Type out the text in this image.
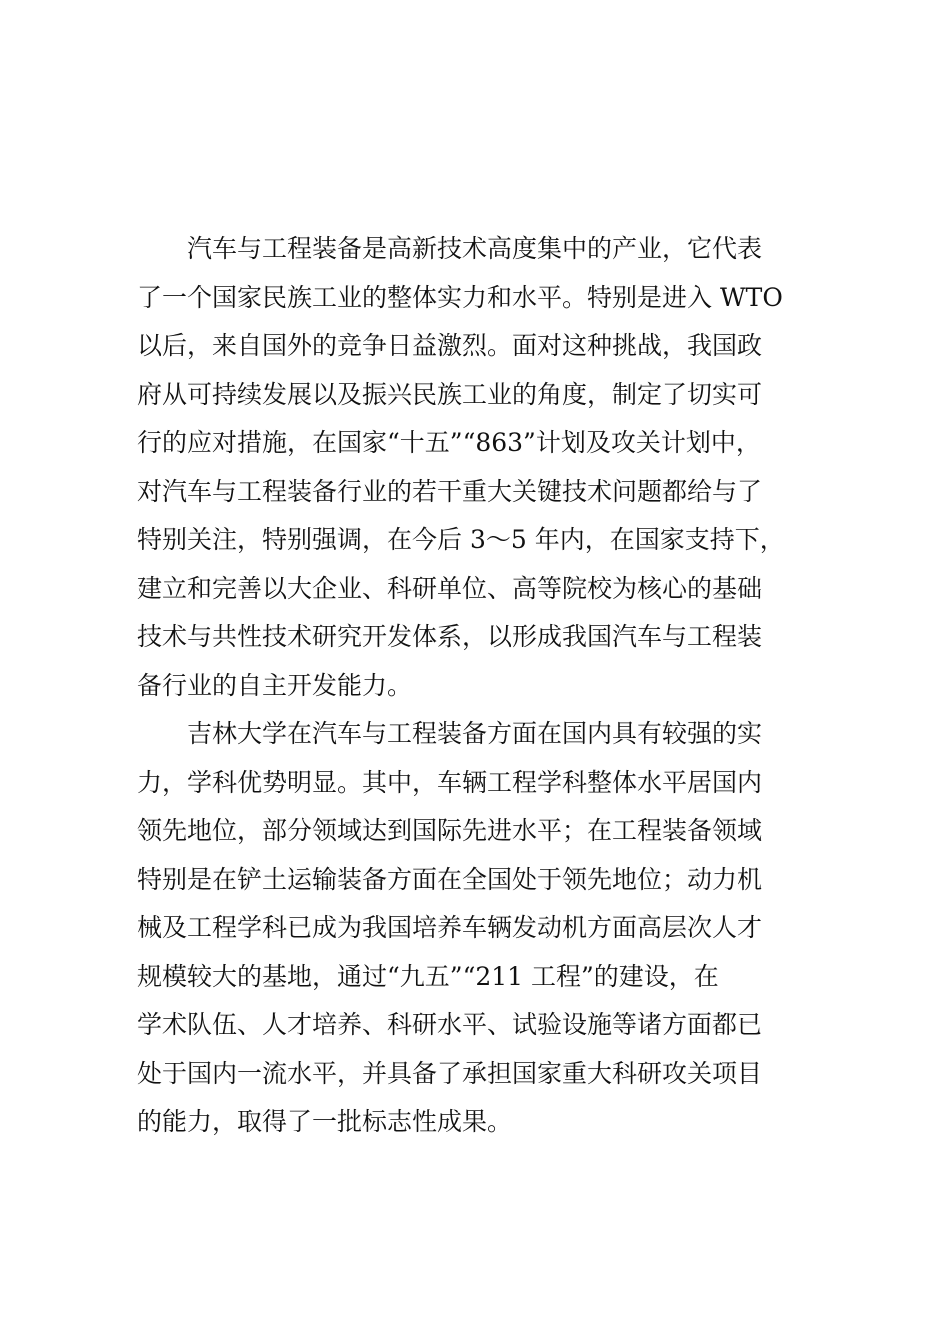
汽车与工程装备是高新技术高度集中的产业，它代表
了一个国家民族工业的整体实力和水平。特别是进入 WTO
以后，来自国外的竞争日益激烈。面对这种挑战，我国政
府从可持续发展以及振兴民族工业的角度，制定了切实可
行的应对措施，在国家“十五”“863”计划及攻关计划中，
对汽车与工程装备行业的若干重大关键技术问题都给与了
特别关注，特别强调，在今后 3～5 年内，在国家支持下，
建立和完善以大企业、科研单位、高等院校为核心的基础
技术与共性技术研究开发体系，以形成我国汽车与工程装
备行业的自主开发能力。
吉林大学在汽车与工程装备方面在国内具有较强的实
力，学科优势明显。其中，车辆工程学科整体水平居国内
领先地位，部分领域达到国际先进水平；在工程装备领域
特别是在铲土运输装备方面在全国处于领先地位；动力机
械及工程学科已成为我国培养车辆发动机方面高层次人才
规模较大的基地，通过“九五”“211 工程”的建设，在
学术队伍、人才培养、科研水平、试验设施等诸方面都已
处于国内一流水平，并具备了承担国家重大科研攻关项目
的能力，取得了一批标志性成果。
